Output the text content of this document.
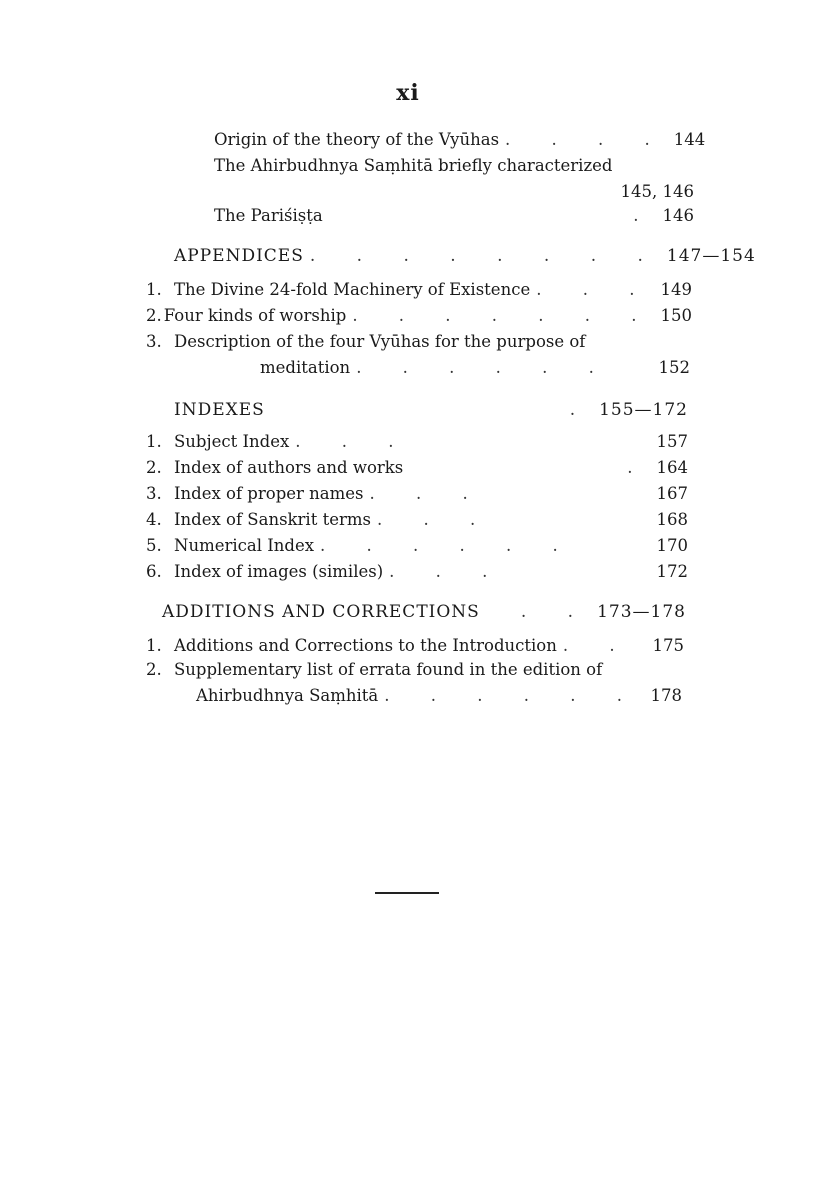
xi
Origin of the theory of the Vyūhas . . . . 144
The Ahirbudhnya Saṃhitā briefly characterized
145, 146
The Pariśiṣṭa	. 146
APPENDICES . . . . . . . . 147—154
1. The Divine 24-fold Machinery of Existence . . . 149
2. Four kinds of worship . . . . . . . 150
3. Description of the four Vyūhas for the purpose of
meditation . . . . . .	152
INDEXES	. 155—172
1. Subject Index . . .	157
2. Index of authors and works	. 164
3. Index of proper names . . .	167
4. Index of Sanskrit terms . . .	168
5. Numerical Index . . . . . .	170
6. Index of images (similes) . . .	172
ADDITIONS AND CORRECTIONS	. . 173—178
1. Additions and Corrections to the Introduction . .	175
2. Supplementary list of errata found in the edition of
Ahirbudhnya Saṃhitā . . . . . . 178
